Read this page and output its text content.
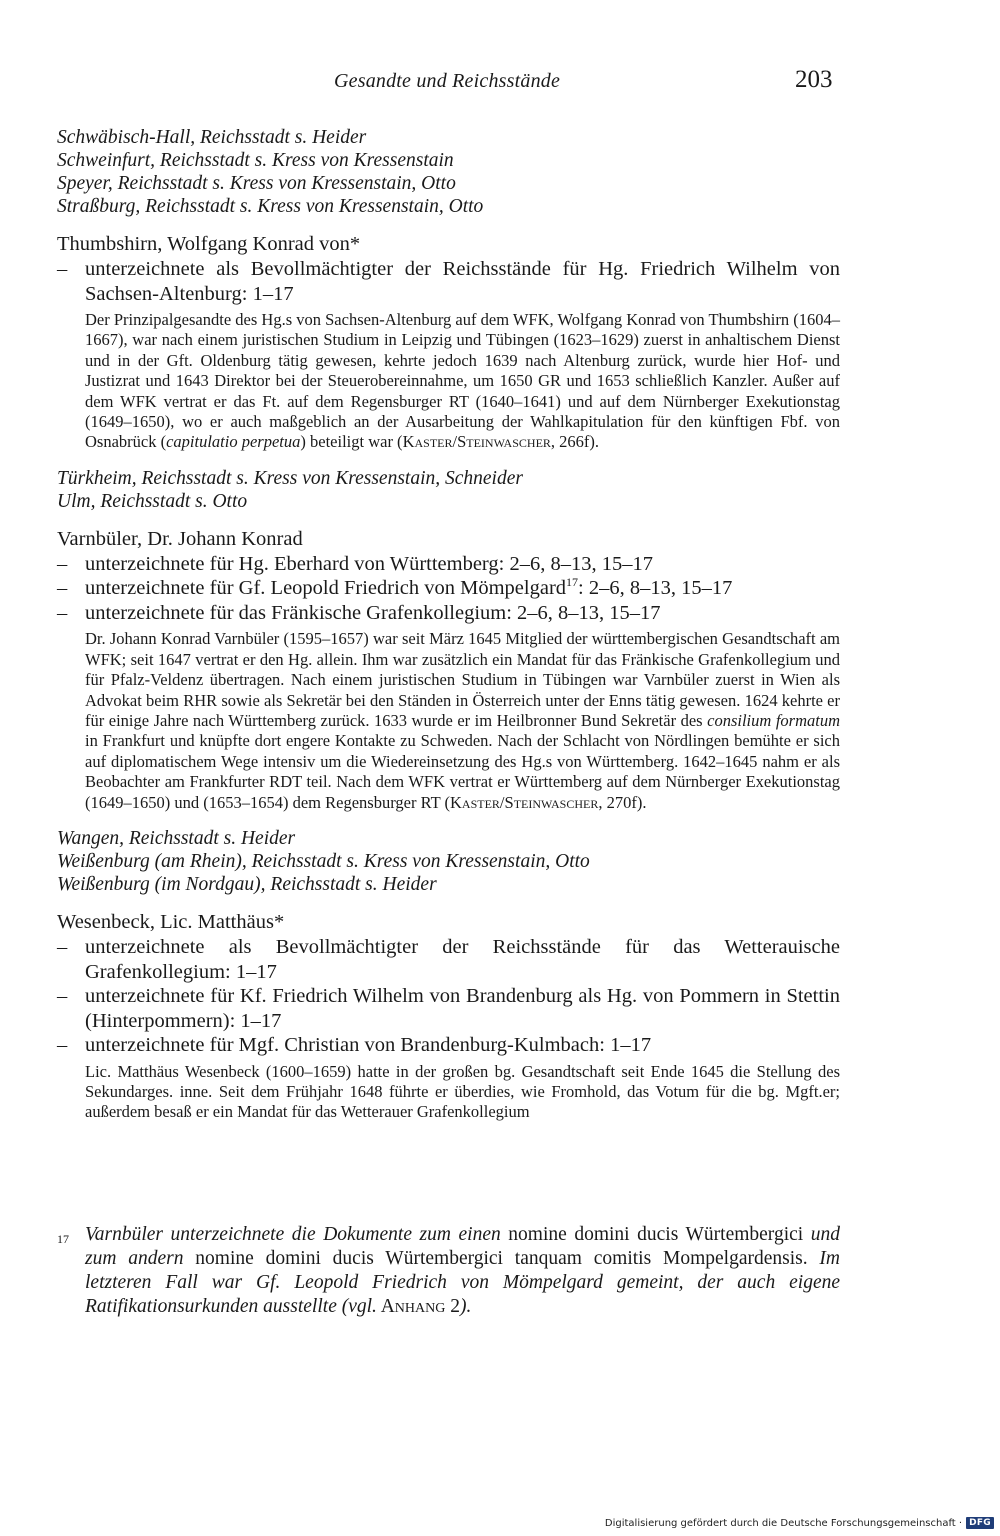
Gesandte und Reichsstände	203

Schwäbisch-Hall, Reichsstadt s. Heider

Schweinfurt, Reichsstadt s. Kress von Kressenstain

Speyer, Reichsstadt s. Kress von Kressenstain, Otto

Straßburg, Reichsstadt s. Kress von Kressenstain, Otto

Thumbshirn, Wolfgang Konrad von*

– unterzeichnete als Bevollmächtigter der Reichsstände für Hg. Friedrich Wilhelm von Sachsen-Altenburg: 1–17

Der Prinzipalgesandte des Hg.s von Sachsen-Altenburg auf dem WFK, Wolfgang Konrad von Thumbshirn (1604–1667), war nach einem juristischen Studium in Leipzig und Tübingen (1623–1629) zuerst in anhaltischem Dienst und in der Gft. Oldenburg tätig gewesen, kehrte jedoch 1639 nach Altenburg zurück, wurde hier Hof- und Justizrat und 1643 Direktor bei der Steuerobereinnahme, um 1650 GR und 1653 schließlich Kanzler. Außer auf dem WFK vertrat er das Ft. auf dem Regensburger RT (1640–1641) und auf dem Nürnberger Exekutionstag (1649–1650), wo er auch maßgeblich an der Ausarbeitung der Wahlkapitulation für den künftigen Fbf. von Osnabrück (capitulatio perpetua) beteiligt war (Kaster/Steinwascher, 266f).

Türkheim, Reichsstadt s. Kress von Kressenstain, Schneider

Ulm, Reichsstadt s. Otto

Varnbüler, Dr. Johann Konrad

– unterzeichnete für Hg. Eberhard von Württemberg: 2–6, 8–13, 15–17

– unterzeichnete für Gf. Leopold Friedrich von Mömpelgard$^{17}$: 2–6, 8–13, 15–17

– unterzeichnete für das Fränkische Grafenkollegium: 2–6, 8–13, 15–17

Dr. Johann Konrad Varnbüler (1595–1657) war seit März 1645 Mitglied der württembergischen Gesandtschaft am WFK; seit 1647 vertrat er den Hg. allein. Ihm war zusätzlich ein Mandat für das Fränkische Grafenkollegium und für Pfalz-Veldenz übertragen. Nach einem juristischen Studium in Tübingen war Varnbüler zuerst in Wien als Advokat beim RHR sowie als Sekretär bei den Ständen in Österreich unter der Enns tätig gewesen. 1624 kehrte er für einige Jahre nach Württemberg zurück. 1633 wurde er im Heilbronner Bund Sekretär des consilium formatum in Frankfurt und knüpfte dort engere Kontakte zu Schweden. Nach der Schlacht von Nördlingen bemühte er sich auf diplomatischem Wege intensiv um die Wiedereinsetzung des Hg.s von Württemberg. 1642–1645 nahm er als Beobachter am Frankfurter RDT teil. Nach dem WFK vertrat er Württemberg auf dem Nürnberger Exekutionstag (1649–1650) und (1653–1654) dem Regensburger RT (Kaster/Steinwascher, 270f).

Wangen, Reichsstadt s. Heider

Weißenburg (am Rhein), Reichsstadt s. Kress von Kressenstain, Otto

Weißenburg (im Nordgau), Reichsstadt s. Heider

Wesenbeck, Lic. Matthäus*

– unterzeichnete als Bevollmächtigter der Reichsstände für das Wetterauische Grafenkollegium: 1–17

– unterzeichnete für Kf. Friedrich Wilhelm von Brandenburg als Hg. von Pommern in Stettin (Hinterpommern): 1–17

– unterzeichnete für Mgf. Christian von Brandenburg-Kulmbach: 1–17

Lic. Matthäus Wesenbeck (1600–1659) hatte in der großen bg. Gesandtschaft seit Ende 1645 die Stellung des Sekundarges. inne. Seit dem Frühjahr 1648 führte er überdies, wie Fromhold, das Votum für die bg. Mgft.er; außerdem besaß er ein Mandat für das Wetterauer Grafenkollegium

17 Varnbüler unterzeichnete die Dokumente zum einen nomine domini ducis Würtembergici und zum andern nomine domini ducis Würtembergici tanquam comitis Mompelgardensis. Im letzteren Fall war Gf. Leopold Friedrich von Mömpelgard gemeint, der auch eigene Ratifikationsurkunden ausstellte (vgl. Anhang 2).
Digitalisierung gefördert durch die Deutsche Forschungsgemeinschaft · DFG
